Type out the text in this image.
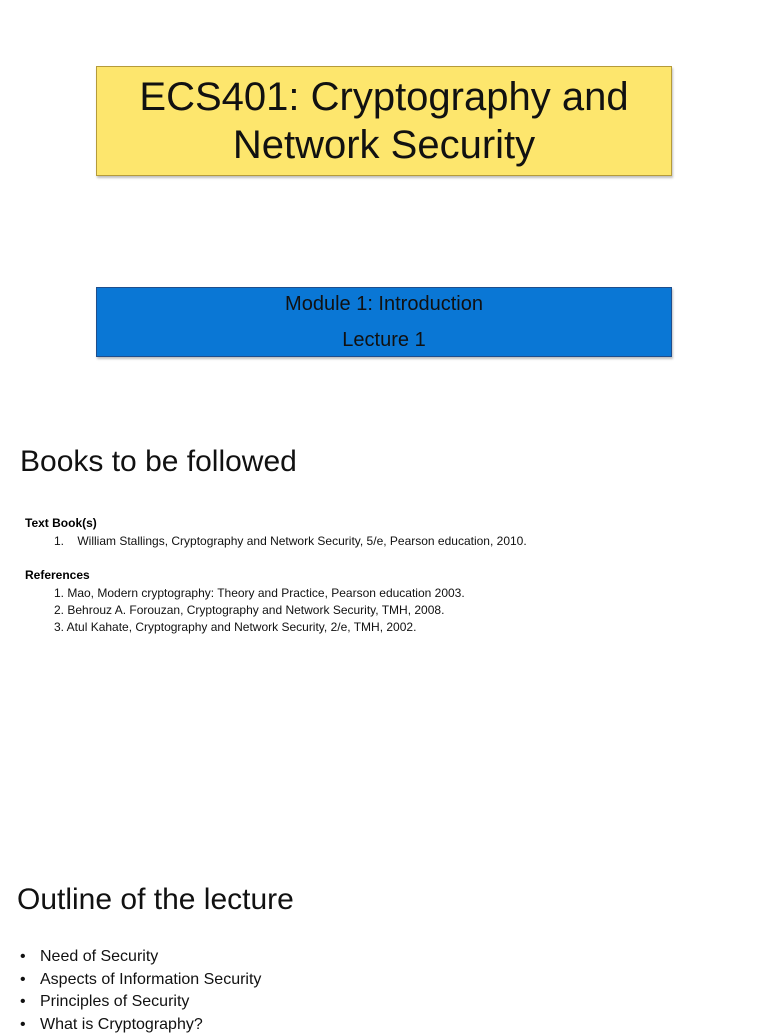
ECS401: Cryptography and
Network Security
Module 1: Introduction
Lecture 1
Books to be followed
Text Book(s)
1. William Stallings, Cryptography and Network Security, 5/e, Pearson education, 2010.
References
1. Mao, Modern cryptography: Theory and Practice, Pearson education 2003.
2. Behrouz A. Forouzan, Cryptography and Network Security, TMH, 2008.
3. Atul Kahate, Cryptography and Network Security, 2/e, TMH, 2002.
Outline of the lecture
• Need of Security
• Aspects of Information Security
• Principles of Security
• What is Cryptography?
